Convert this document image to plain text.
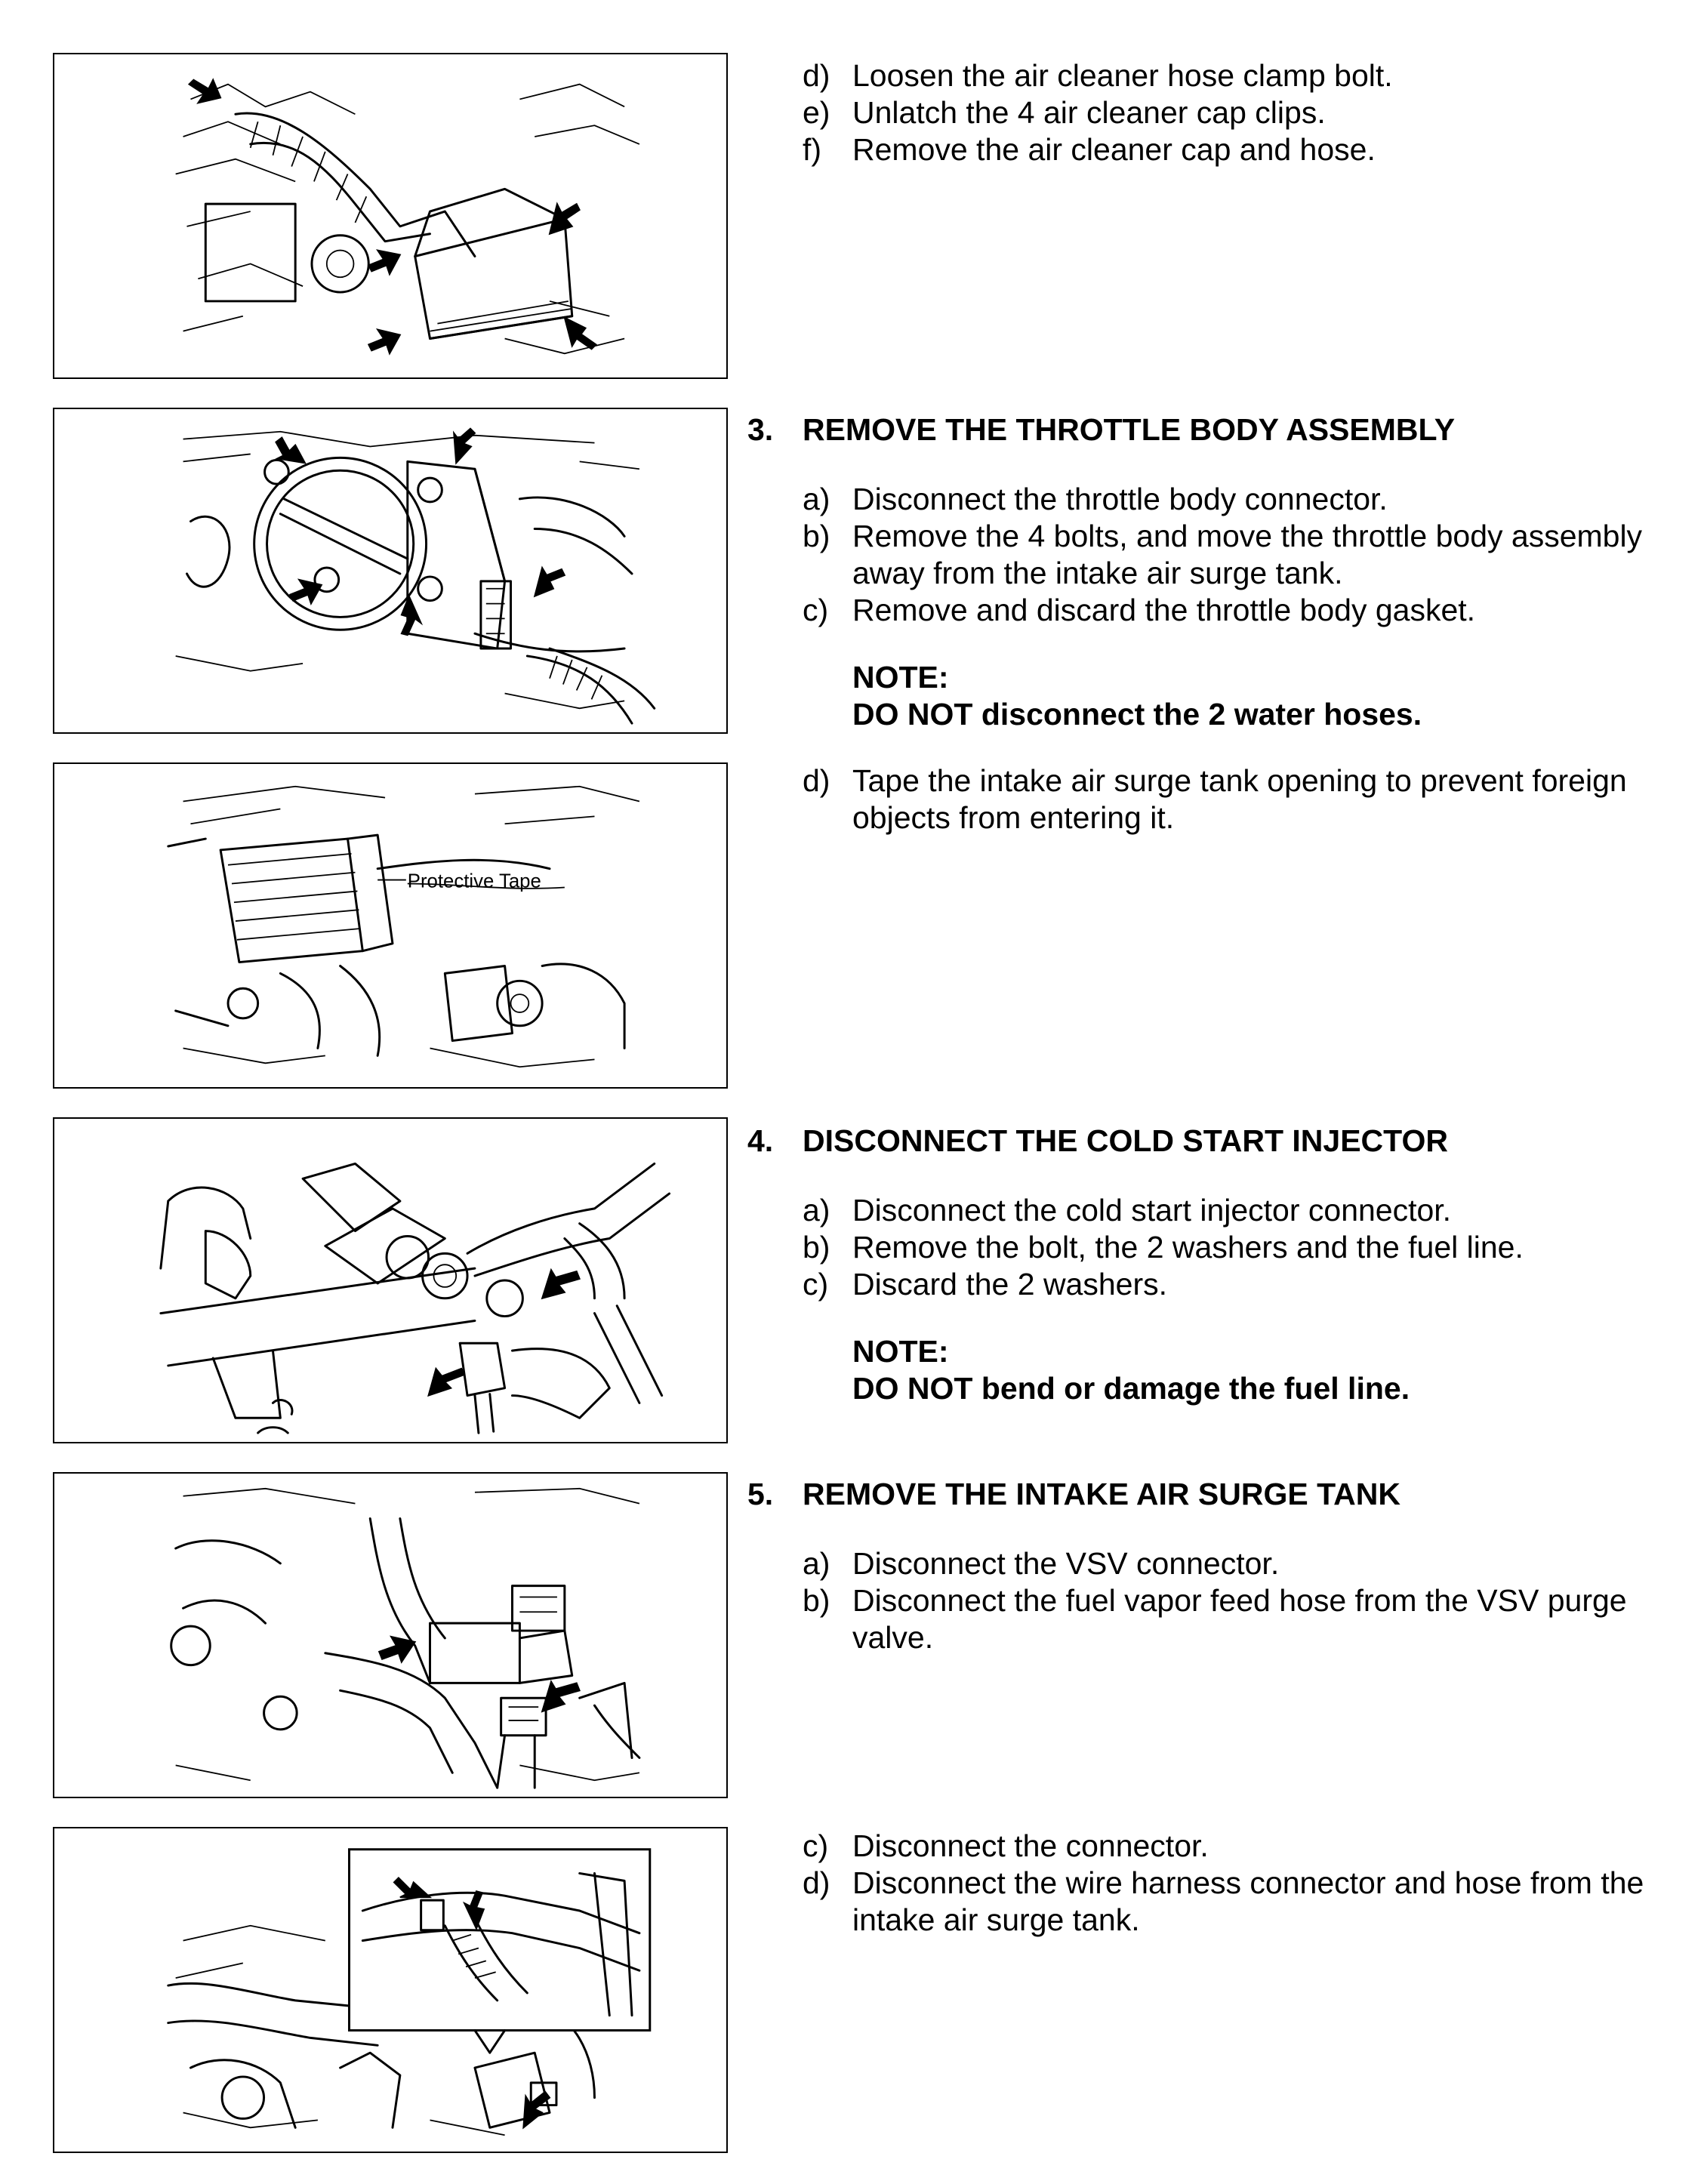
d) Loosen the air cleaner hose clamp bolt.
e) Unlatch the 4 air cleaner cap clips.
f) Remove the air cleaner cap and hose.
3. REMOVE THE THROTTLE BODY ASSEMBLY
a) Disconnect the throttle body connector.
b) Remove the 4 bolts, and move the throttle body assembly away from the intake air surge tank.
c) Remove and discard the throttle body gasket.
NOTE:
DO NOT disconnect the 2 water hoses.
Protective Tape
d) Tape the intake air surge tank opening to prevent foreign objects from entering it.
4. DISCONNECT THE COLD START INJECTOR
a) Disconnect the cold start injector connector.
b) Remove the bolt, the 2 washers and the fuel line.
c) Discard the 2 washers.
NOTE:
DO NOT bend or damage the fuel line.
5. REMOVE THE INTAKE AIR SURGE TANK
a) Disconnect the VSV connector.
b) Disconnect the fuel vapor feed hose from the VSV purge valve.
c) Disconnect the connector.
d) Disconnect the wire harness connector and hose from the intake air surge tank.
